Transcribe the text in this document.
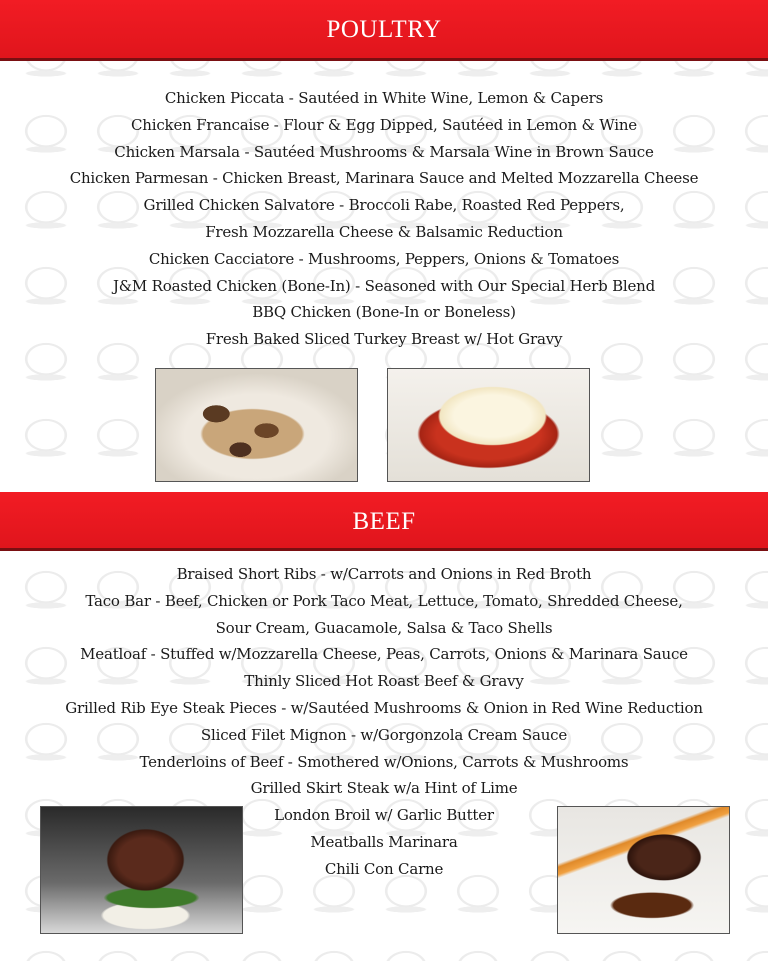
POULTRY
Chicken Piccata - Sautéed in White Wine, Lemon & Capers
Chicken Francaise - Flour & Egg Dipped, Sautéed in Lemon & Wine
Chicken Marsala - Sautéed Mushrooms & Marsala Wine in Brown Sauce
Chicken Parmesan - Chicken Breast, Marinara Sauce and Melted Mozzarella Cheese
Grilled Chicken Salvatore - Broccoli Rabe, Roasted Red Peppers,
Fresh Mozzarella Cheese & Balsamic Reduction
Chicken Cacciatore - Mushrooms, Peppers, Onions & Tomatoes
J&M Roasted Chicken (Bone-In) - Seasoned with Our Special Herb Blend
BBQ Chicken (Bone-In or Boneless)
Fresh Baked Sliced Turkey Breast w/ Hot Gravy
BEEF
Braised Short Ribs - w/Carrots and Onions in Red Broth
Taco Bar - Beef, Chicken or Pork Taco Meat, Lettuce, Tomato, Shredded Cheese,
Sour Cream, Guacamole, Salsa & Taco Shells
Meatloaf - Stuffed w/Mozzarella Cheese, Peas, Carrots, Onions & Marinara Sauce
Thinly Sliced Hot Roast Beef & Gravy
Grilled Rib Eye Steak Pieces - w/Sautéed Mushrooms & Onion in Red Wine Reduction
Sliced Filet Mignon - w/Gorgonzola Cream Sauce
Tenderloins of Beef - Smothered w/Onions, Carrots & Mushrooms
Grilled Skirt Steak w/a Hint of Lime
London Broil w/ Garlic Butter
Meatballs Marinara
Chili Con Carne
